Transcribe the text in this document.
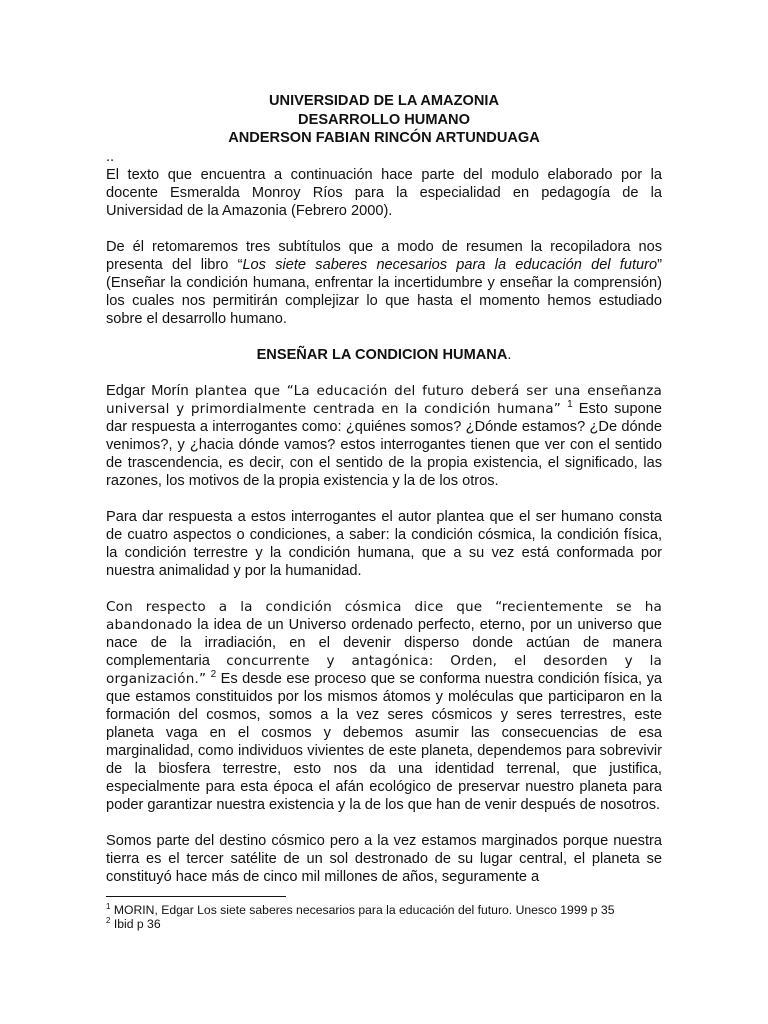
UNIVERSIDAD DE LA AMAZONIA
DESARROLLO HUMANO
ANDERSON FABIAN RINCÓN ARTUNDUAGA
..

El texto que encuentra a continuación hace parte del modulo elaborado por la docente Esmeralda Monroy Ríos para la especialidad en pedagogía de la Universidad de la Amazonia (Febrero 2000).

De él retomaremos tres subtítulos que a modo de resumen la recopiladora nos presenta del libro “Los siete saberes necesarios para la educación del futuro” (Enseñar la condición humana, enfrentar la incertidumbre y enseñar la comprensión) los cuales nos permitirán complejizar lo que hasta el momento hemos estudiado sobre el desarrollo humano.

ENSEÑAR LA CONDICION HUMANA.

Edgar Morín plantea que “La educación del futuro deberá ser una enseñanza universal y primordialmente centrada en la condición humana” $^1$ Esto supone dar respuesta a interrogantes como: ¿quiénes somos? ¿Dónde estamos? ¿De dónde venimos?, y ¿hacia dónde vamos? estos interrogantes tienen que ver con el sentido de trascendencia, es decir, con el sentido de la propia existencia, el significado, las razones, los motivos de la propia existencia y la de los otros.

Para dar respuesta a estos interrogantes el autor plantea que el ser humano consta de cuatro aspectos o condiciones, a saber: la condición cósmica, la condición física, la condición terrestre y la condición humana, que a su vez está conformada por nuestra animalidad y por la humanidad.

Con respecto a la condición cósmica dice que “recientemente se ha abandonado la idea de un Universo ordenado perfecto, eterno, por un universo que nace de la irradiación, en el devenir disperso donde actúan de manera complementaria concurrente y antagónica: Orden, el desorden y la organización.” $^2$ Es desde ese proceso que se conforma nuestra condición física, ya que estamos constituidos por los mismos átomos y moléculas que participaron en la formación del cosmos, somos a la vez seres cósmicos y seres terrestres, este planeta vaga en el cosmos y debemos asumir las consecuencias de esa marginalidad, como individuos vivientes de este planeta, dependemos para sobrevivir de la biosfera terrestre, esto nos da una identidad terrenal, que justifica, especialmente para esta época el afán ecológico de preservar nuestro planeta para poder garantizar nuestra existencia y la de los que han de venir después de nosotros.

Somos parte del destino cósmico pero a la vez estamos marginados porque nuestra tierra es el tercer satélite de un sol destronado de su lugar central, el planeta se constituyó hace más de cinco mil millones de años, seguramente a

$^1$ MORIN, Edgar Los siete saberes necesarios para la educación del futuro. Unesco 1999 p 35
$^2$ Ibid p 36
